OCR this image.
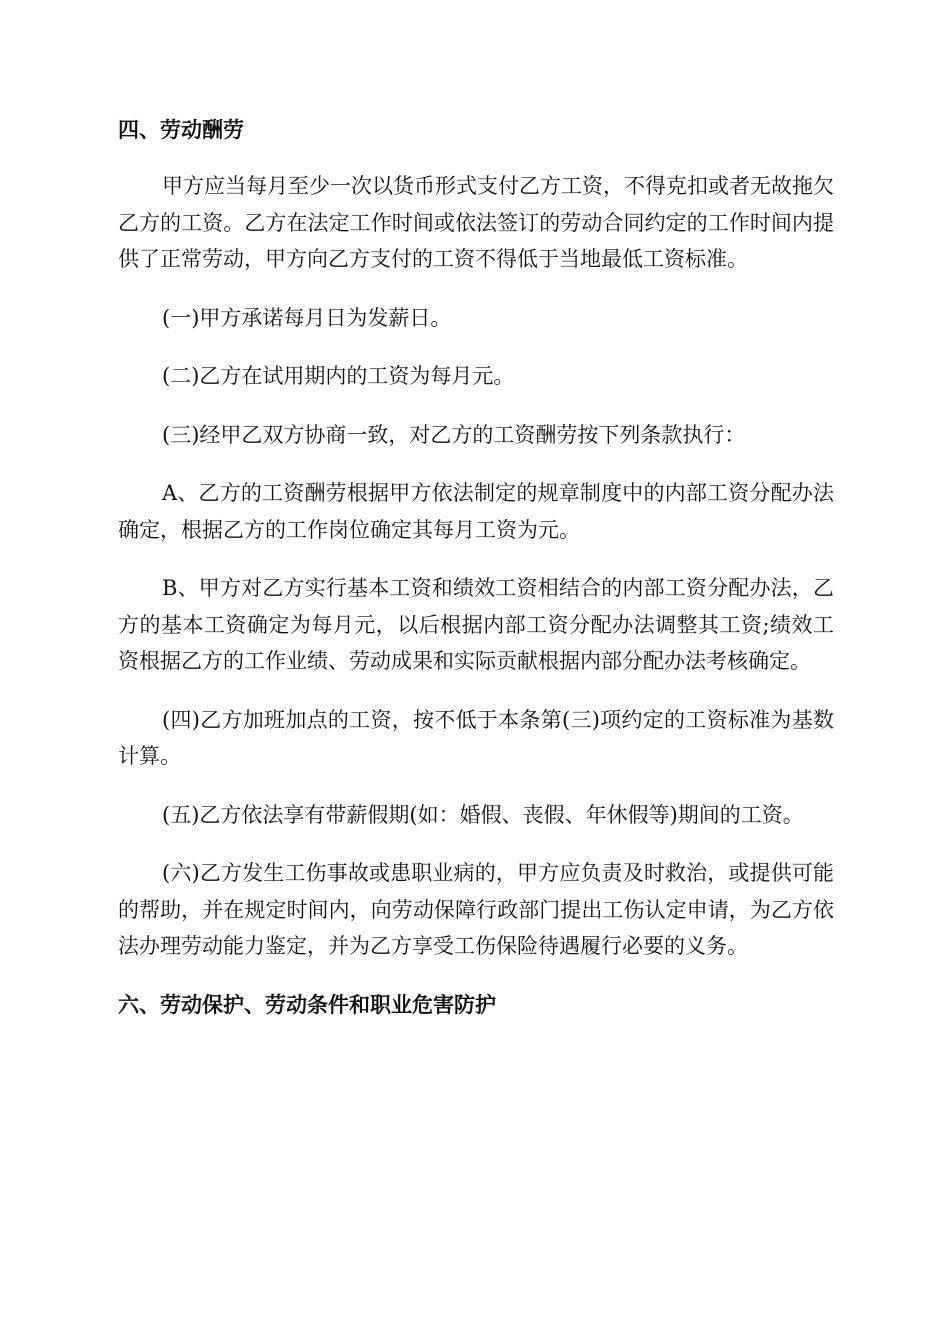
四、劳动酬劳

甲方应当每月至少一次以货币形式支付乙方工资，不得克扣或者无故拖欠乙方的工资。乙方在法定工作时间或依法签订的劳动合同约定的工作时间内提供了正常劳动，甲方向乙方支付的工资不得低于当地最低工资标准。

(一)甲方承诺每月日为发薪日。

(二)乙方在试用期内的工资为每月元。

(三)经甲乙双方协商一致，对乙方的工资酬劳按下列条款执行：

A、乙方的工资酬劳根据甲方依法制定的规章制度中的内部工资分配办法确定，根据乙方的工作岗位确定其每月工资为元。

B、甲方对乙方实行基本工资和绩效工资相结合的内部工资分配办法，乙方的基本工资确定为每月元，以后根据内部工资分配办法调整其工资;绩效工资根据乙方的工作业绩、劳动成果和实际贡献根据内部分配办法考核确定。

(四)乙方加班加点的工资，按不低于本条第(三)项约定的工资标准为基数计算。

(五)乙方依法享有带薪假期(如：婚假、丧假、年休假等)期间的工资。

(六)乙方发生工伤事故或患职业病的，甲方应负责及时救治，或提供可能的帮助，并在规定时间内，向劳动保障行政部门提出工伤认定申请，为乙方依法办理劳动能力鉴定，并为乙方享受工伤保险待遇履行必要的义务。

六、劳动保护、劳动条件和职业危害防护
